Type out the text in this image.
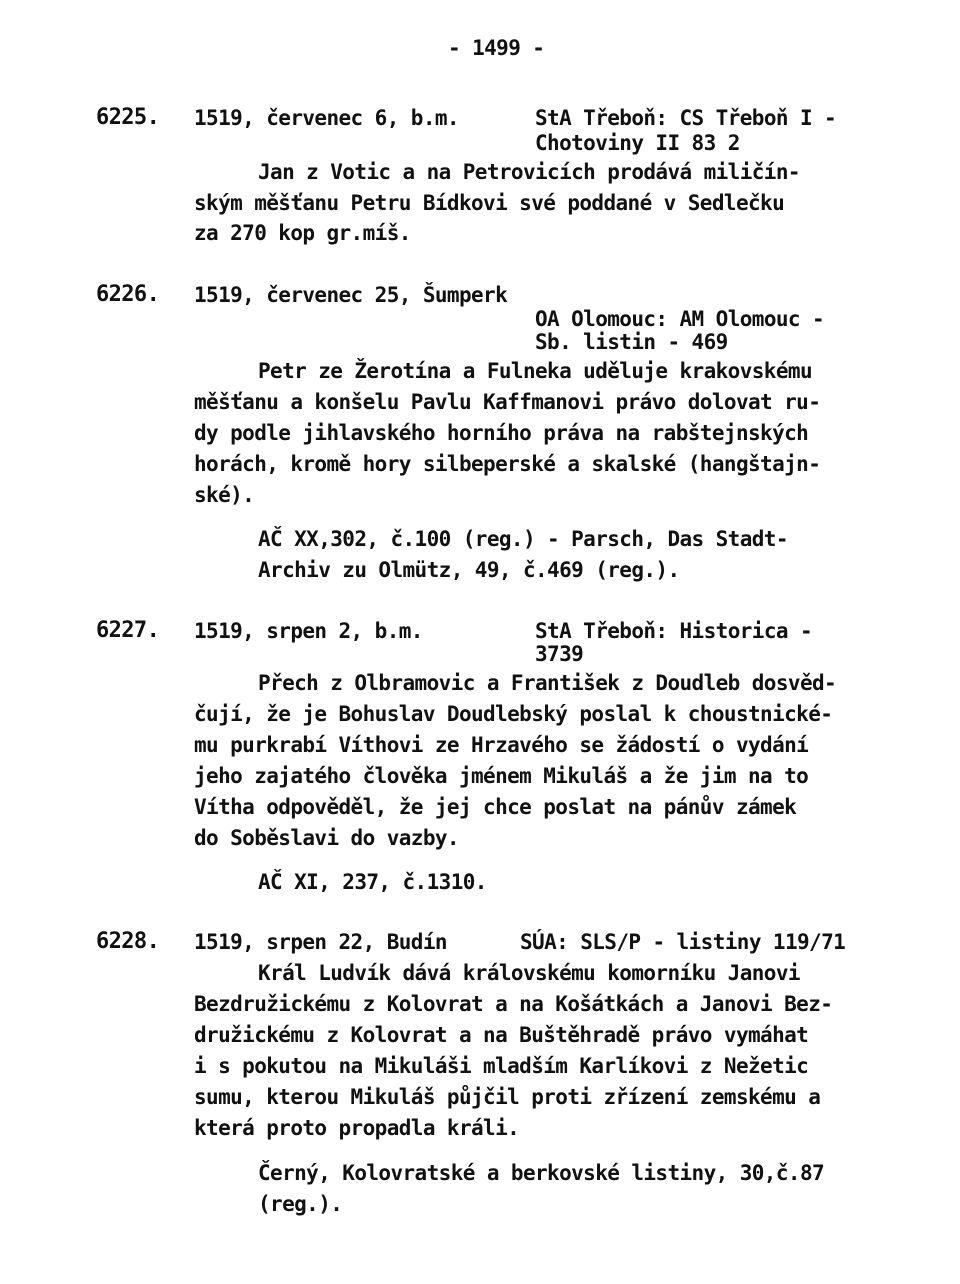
- 1499 -
6225. 1519, červenec 6, b.m.	StA Třeboň: CS Třeboň I -
Chotoviny II 83 2
Jan z Votic a na Petrovicích prodává miličín-
ským měšťanu Petru Bídkovi své poddané v Sedlečku
za 270 kop gr.míš.
6226. 1519, červenec 25, Šumperk
OA Olomouc: AM Olomouc -
Sb. listin - 469
Petr ze Žerotína a Fulneka uděluje krakovskému
měšťanu a konšelu Pavlu Kaffmanovi právo dolovat ru-
dy podle jihlavského horního práva na rabštejnských
horách, kromě hory silbeperské a skalské (hangštajn-
ské).
AČ XX,302, č.100 (reg.) - Parsch, Das Stadt-
Archiv zu Olmütz, 49, č.469 (reg.).
6227. 1519, srpen 2, b.m.	StA Třeboň: Historica -
3739
Přech z Olbramovic a František z Doudleb dosvěd-
čují, že je Bohuslav Doudlebský poslal k choustnické-
mu purkrabí Víthovi ze Hrzavého se žádostí o vydání
jeho zajatého člověka jménem Mikuláš a že jim na to
Vítha odpověděl, že jej chce poslat na pánův zámek
do Soběslavi do vazby.
AČ XI, 237, č.1310.
6228. 1519, srpen 22, Budín	SÚA: SLS/P - listiny 119/71
Král Ludvík dává královskému komorníku Janovi
Bezdružickému z Kolovrat a na Košátkách a Janovi Bez-
družickému z Kolovrat a na Buštěhradě právo vymáhat
i s pokutou na Mikuláši mladším Karlíkovi z Nežetic
sumu, kterou Mikuláš půjčil proti zřízení zemskému a
která proto propadla králi.
Černý, Kolovratské a berkovské listiny, 30,č.87
(reg.).
